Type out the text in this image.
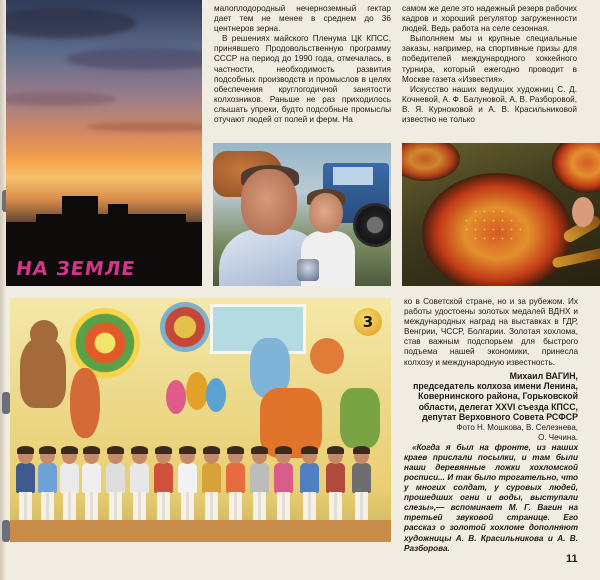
НА ЗЕМЛЕ

малоплодородный нечерноземный гектар дает тем не менее в среднем до 36 центнеров зерна.

В решениях майского Пленума ЦК КПСС, принявшего Продовольственную программу СССР на период до 1990 года, отмечалась, в частности, необходимость развития подсобных производств и промыслов в целях обеспечения круглогодичной занятости колхозников. Раньше не раз приходилось слышать упреки, будто подсобные промыслы отучают людей от полей и ферм. На

самом же деле это надежный резерв рабочих кадров и хороший регулятор загруженности людей. Ведь работа на селе сезонная.

Выполняем мы и крупные специальные заказы, например, на спортивные призы для победителей международного хоккейного турнира, который ежегодно проводит в Москве газета «Известия».

Искусство наших ведущих художниц С. Д. Кочневой, А. Ф. Балуновой, А. В. Разборовой, В. Я. Курноковой и А. В. Красильниковой известно не только

3

ко в Советской стране, но и за рубежом. Их работы удостоены золотых медалей ВДНХ и международных наград на выставках в ГДР, Венгрии, ЧССР, Болгарии. Золотая хохлома, став важным подспорьем для быстрого подъема нашей экономики, принесла колхозу и международную известность.

Михаил ВАГИН,

председатель колхоза имени Ленина,

Ковернинского района, Горьковской

области, делегат XXVI съезда КПСС,

депутат Верховного Совета РСФСР

Фото Н. Мошкова, В. Селезнева,

О. Чечина.

«Когда я был на фронте, из наших краев прислали посылки, и там были наши деревянные ложки хохломской росписи... И так было трогательно, что у многих солдат, у суровых людей, прошедших огни и воды, выступали слезы»,— вспоминает М. Г. Вагин на третьей звуковой странице. Его рассказ о золотой хохломе дополняют художницы А. В. Красильникова и А. В. Разборова.

11
